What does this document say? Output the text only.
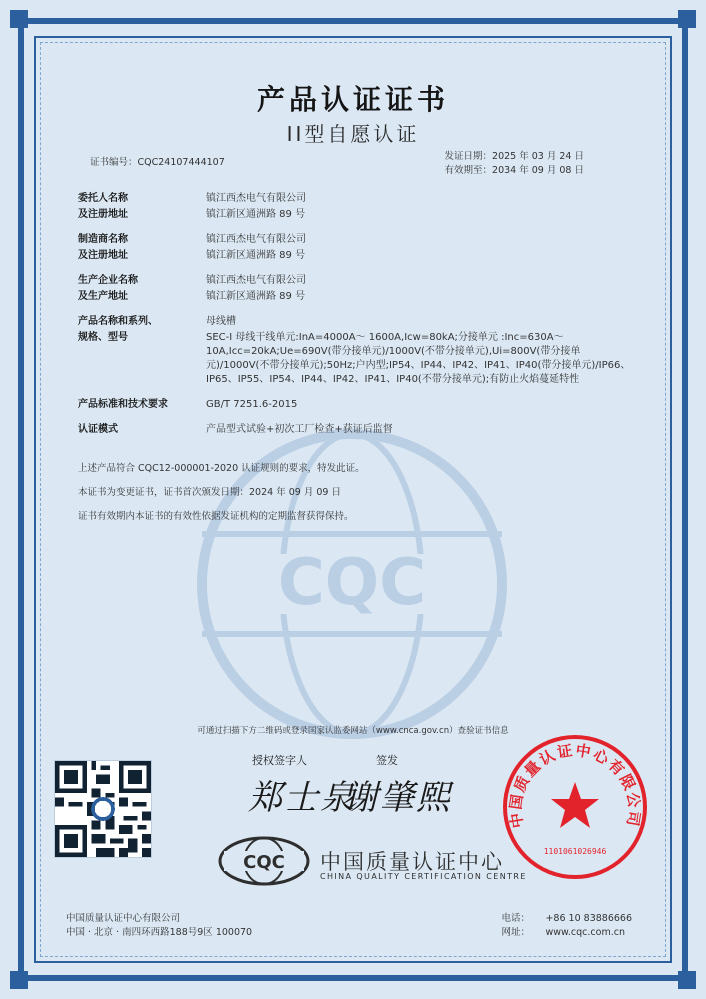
CQC
产品认证证书
II型自愿认证
证书编号：CQC24107444107
发证日期：2025 年 03 月 24 日
有效期至：2034 年 09 月 08 日
委托人名称	镇江西杰电气有限公司
及注册地址	镇江新区通洲路 89 号
制造商名称	镇江西杰电气有限公司
及注册地址	镇江新区通洲路 89 号
生产企业名称	镇江西杰电气有限公司
及生产地址	镇江新区通洲路 89 号
产品名称和系列、	母线槽
规格、型号	SEC-I 母线干线单元:InA=4000A～ 1600A,Icw=80kA;分接单元 :Inc=630A～
10A,Icc=20kA;Ue=690V(带分接单元)/1000V(不带分接单元),Ui=800V(带分接单
元)/1000V(不带分接单元);50Hz;户内型;IP54、IP44、IP42、IP41、IP40(带分接单元)/IP66、
IP65、IP55、IP54、IP44、IP42、IP41、IP40(不带分接单元);有防止火焰蔓延特性
产品标准和技术要求	GB/T 7251.6-2015
认证模式	产品型式试验+初次工厂检查+获证后监督
上述产品符合 CQC12-000001-2020 认证规则的要求，特发此证。
本证书为变更证书，证书首次颁发日期：2024 年 09 月 09 日
证书有效期内本证书的有效性依据发证机构的定期监督获得保持。
可通过扫描下方二维码或登录国家认监委网站（www.cnca.gov.cn）查验证书信息
授权签字人	签发
郑士泉
谢肇熙
CQC 中国质量认证中心
CHINA QUALITY CERTIFICATION CENTRE
中国质量认证中心有限公司
1101061026946
中国质量认证中心有限公司
中国 · 北京 · 南四环西路188号9区 100070
电话：	+86 10 83886666
网址：	www.cqc.com.cn
